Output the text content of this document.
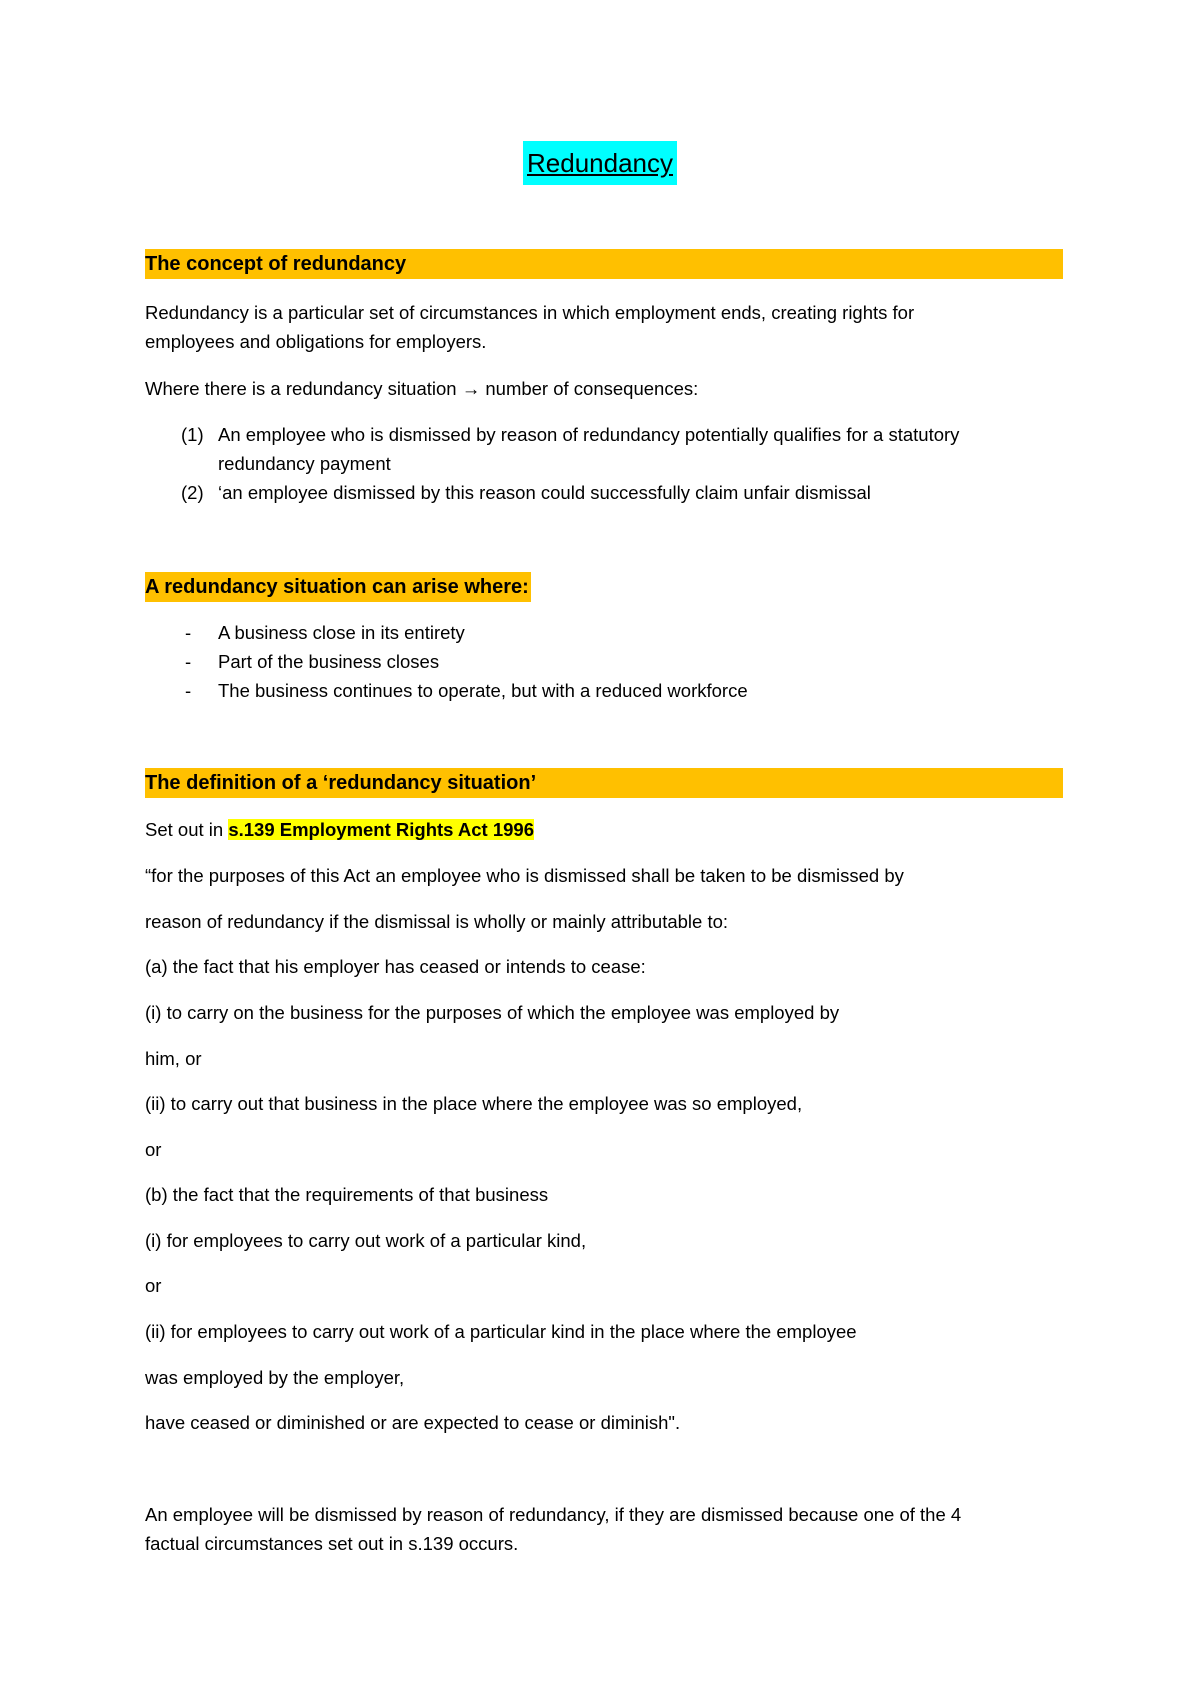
Redundancy
The concept of redundancy
Redundancy is a particular set of circumstances in which employment ends, creating rights for
employees and obligations for employers.
Where there is a redundancy situation → number of consequences:
(1) An employee who is dismissed by reason of redundancy potentially qualifies for a statutory
redundancy payment
(2) ‘an employee dismissed by this reason could successfully claim unfair dismissal
A redundancy situation can arise where:
- A business close in its entirety
- Part of the business closes
- The business continues to operate, but with a reduced workforce
The definition of a ‘redundancy situation’
Set out in s.139 Employment Rights Act 1996
“for the purposes of this Act an employee who is dismissed shall be taken to be dismissed by
reason of redundancy if the dismissal is wholly or mainly attributable to:
(a) the fact that his employer has ceased or intends to cease:
(i) to carry on the business for the purposes of which the employee was employed by
him, or
(ii) to carry out that business in the place where the employee was so employed,
or
(b) the fact that the requirements of that business
(i) for employees to carry out work of a particular kind,
or
(ii) for employees to carry out work of a particular kind in the place where the employee
was employed by the employer,
have ceased or diminished or are expected to cease or diminish".
An employee will be dismissed by reason of redundancy, if they are dismissed because one of the 4
factual circumstances set out in s.139 occurs.
